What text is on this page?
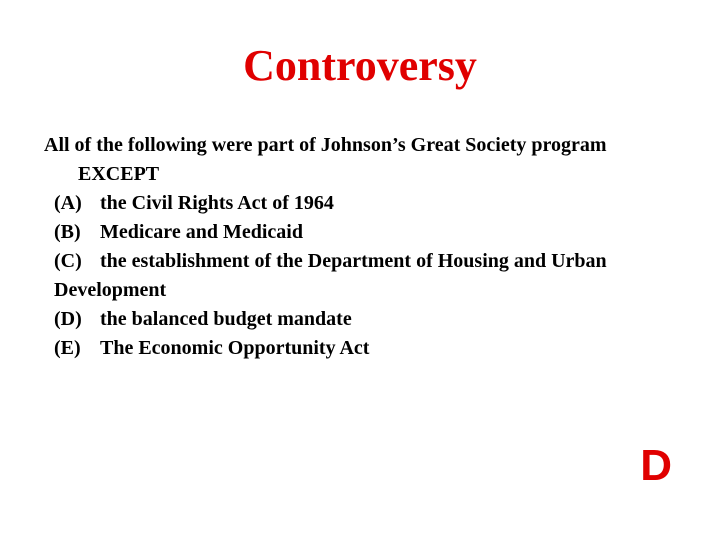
Controversy
All of the following were part of Johnson’s Great Society program EXCEPT
(A) the Civil Rights Act of 1964
(B) Medicare and Medicaid
(C) the establishment of the Department of Housing and Urban Development
(D) the balanced budget mandate
(E) The Economic Opportunity Act
D
